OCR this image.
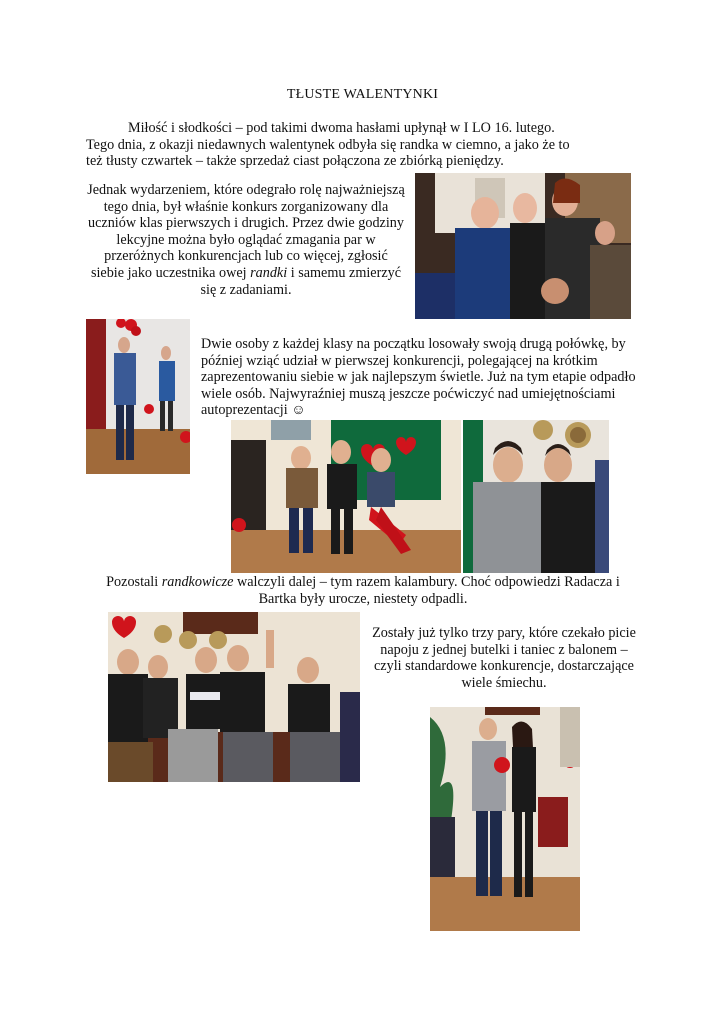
TŁUSTE WALENTYNKI
Miłość i słodkości – pod takimi dwoma hasłami upłynął w I LO 16. lutego.
Tego dnia, z okazji niedawnych walentynek odbyła się randka w ciemno, a jako że to
też tłusty czwartek – także sprzedaż ciast połączona ze zbiórką pieniędzy.
Jednak wydarzeniem, które odegrało rolę najważniejszą tego dnia, był właśnie konkurs zorganizowany dla uczniów klas pierwszych i drugich. Przez dwie godziny lekcyjne można było oglądać zmagania par w przeróżnych konkurencjach lub co więcej, zgłosić siebie jako uczestnika owej randki i samemu zmierzyć się z zadaniami.
Dwie osoby z każdej klasy na początku losowały swoją drugą połówkę, by później wziąć udział w pierwszej konkurencji, polegającej na krótkim zaprezentowaniu siebie w jak najlepszym świetle. Już na tym etapie odpadło wiele osób. Najwyraźniej muszą jeszcze poćwiczyć nad umiejętnościami autoprezentacji ☺
Pozostali randkowicze walczyli dalej – tym razem kalambury. Choć odpowiedzi Radacza i Bartka były urocze, niestety odpadli.
Zostały już tylko trzy pary, które czekało picie napoju z jednej butelki i taniec z balonem – czyli standardowe konkurencje, dostarczające wiele śmiechu.
